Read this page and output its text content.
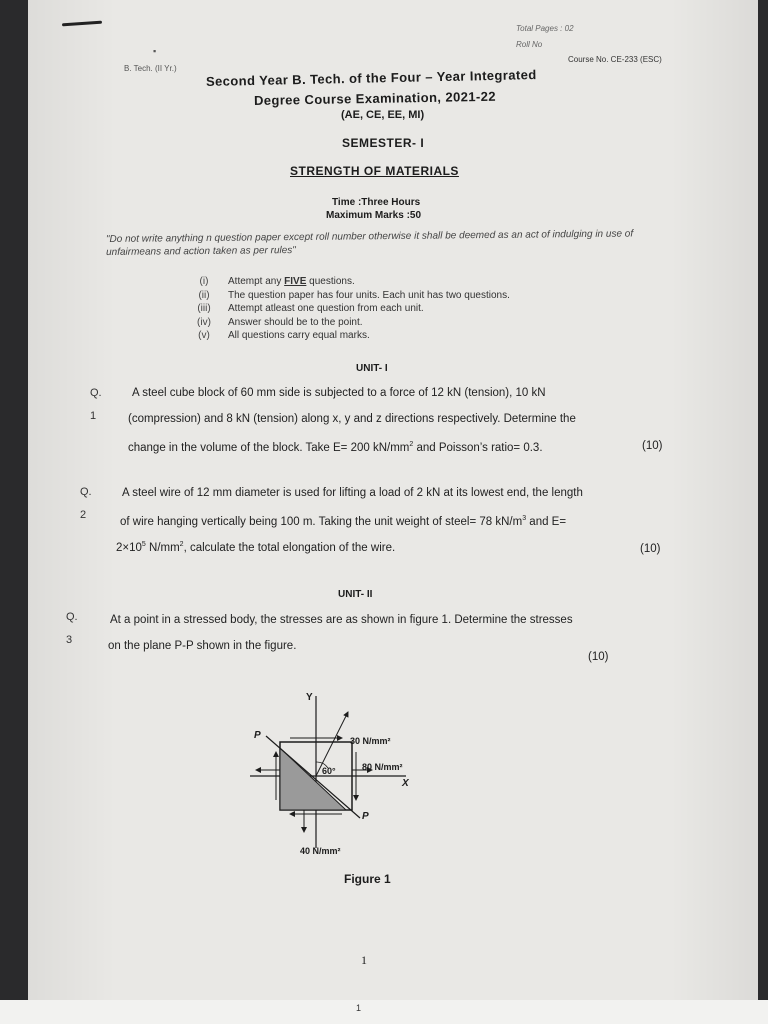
▪
Total Pages : 02
Roll No
Course No. CE-233 (ESC)
B. Tech. (II Yr.) Second Year B. Tech. of the Four – Year Integrated
Degree Course Examination, 2021-22
(AE, CE, EE, MI)
SEMESTER- I
STRENGTH OF MATERIALS
Time :Three Hours
Maximum Marks :50
"Do not write anything n question paper except roll number otherwise it shall be deemed as an act of indulging in use of unfairmeans and action taken as per rules"
(i)	Attempt any FIVE questions.
(ii)	The question paper has four units. Each unit has two questions.
(iii)	Attempt atleast one question from each unit.
(iv)	Answer should be to the point.
(v)	All questions carry equal marks.
UNIT- I
Q. 1
A steel cube block of 60 mm side is subjected to a force of 12 kN (tension), 10 kN
(compression) and 8 kN (tension) along x, y and z directions respectively. Determine the
change in the volume of the block. Take E= 200 $kN/mm^2$ and Poisson’s ratio= 0.3.	(10)
Q. 2
A steel wire of 12 mm diameter is used for lifting a load of 2 kN at its lowest end, the length
of wire hanging vertically being 100 m. Taking the unit weight of steel= 78 $kN/m^3$ and E=
$2\times 10^5$ $N/mm^2$, calculate the total elongation of the wire.	(10)
UNIT- II
Q. 3
At a point in a stressed body, the stresses are as shown in figure 1. Determine the stresses
on the plane P-P shown in the figure.
(10)
Figure 1
1
Y
X
P
P
60°
30 N/mm²
80 N/mm²
40 N/mm²
1
